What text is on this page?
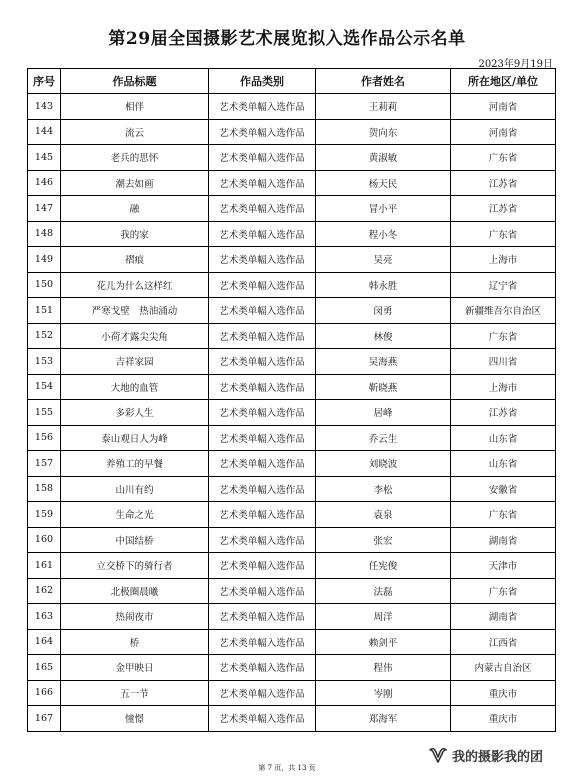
第29届全国摄影艺术展览拟入选作品公示名单
2023年9月19日
序号	作品标题	作品类别	作者姓名	所在地区/单位
143	相伴	艺术类单幅入选作品	王莉莉	河南省
144	流云	艺术类单幅入选作品	贺向东	河南省
145	老兵的思怀	艺术类单幅入选作品	黄淑敏	广东省
146	潮去如画	艺术类单幅入选作品	杨天民	江苏省
147	融	艺术类单幅入选作品	冒小平	江苏省
148	我的家	艺术类单幅入选作品	程小冬	广东省
149	褶痕	艺术类单幅入选作品	吴亮	上海市
150	花儿为什么这样红	艺术类单幅入选作品	韩永胜	辽宁省
151	严寒戈壁　热油涌动	艺术类单幅入选作品	闵勇	新疆维吾尔自治区
152	小荷才露尖尖角	艺术类单幅入选作品	林俊	广东省
153	吉祥家园	艺术类单幅入选作品	吴海燕	四川省
154	大地的血管	艺术类单幅入选作品	靳晓燕	上海市
155	多彩人生	艺术类单幅入选作品	居峰	江苏省
156	泰山观日人为峰	艺术类单幅入选作品	乔云生	山东省
157	养殖工的早餐	艺术类单幅入选作品	刘晓波	山东省
158	山川有约	艺术类单幅入选作品	李松	安徽省
159	生命之光	艺术类单幅入选作品	袁泉	广东省
160	中国结桥	艺术类单幅入选作品	张宏	湖南省
161	立交桥下的骑行者	艺术类单幅入选作品	任宪俊	天津市
162	北极圈晨曦	艺术类单幅入选作品	法磊	广东省
163	热闹夜市	艺术类单幅入选作品	周洋	湖南省
164	桥	艺术类单幅入选作品	赖剑平	江西省
165	金甲映日	艺术类单幅入选作品	程伟	内蒙古自治区
166	五一节	艺术类单幅入选作品	岑刚	重庆市
167	憧憬	艺术类单幅入选作品	郑海军	重庆市
第 7 页，共 13 页
我的摄影我的团
